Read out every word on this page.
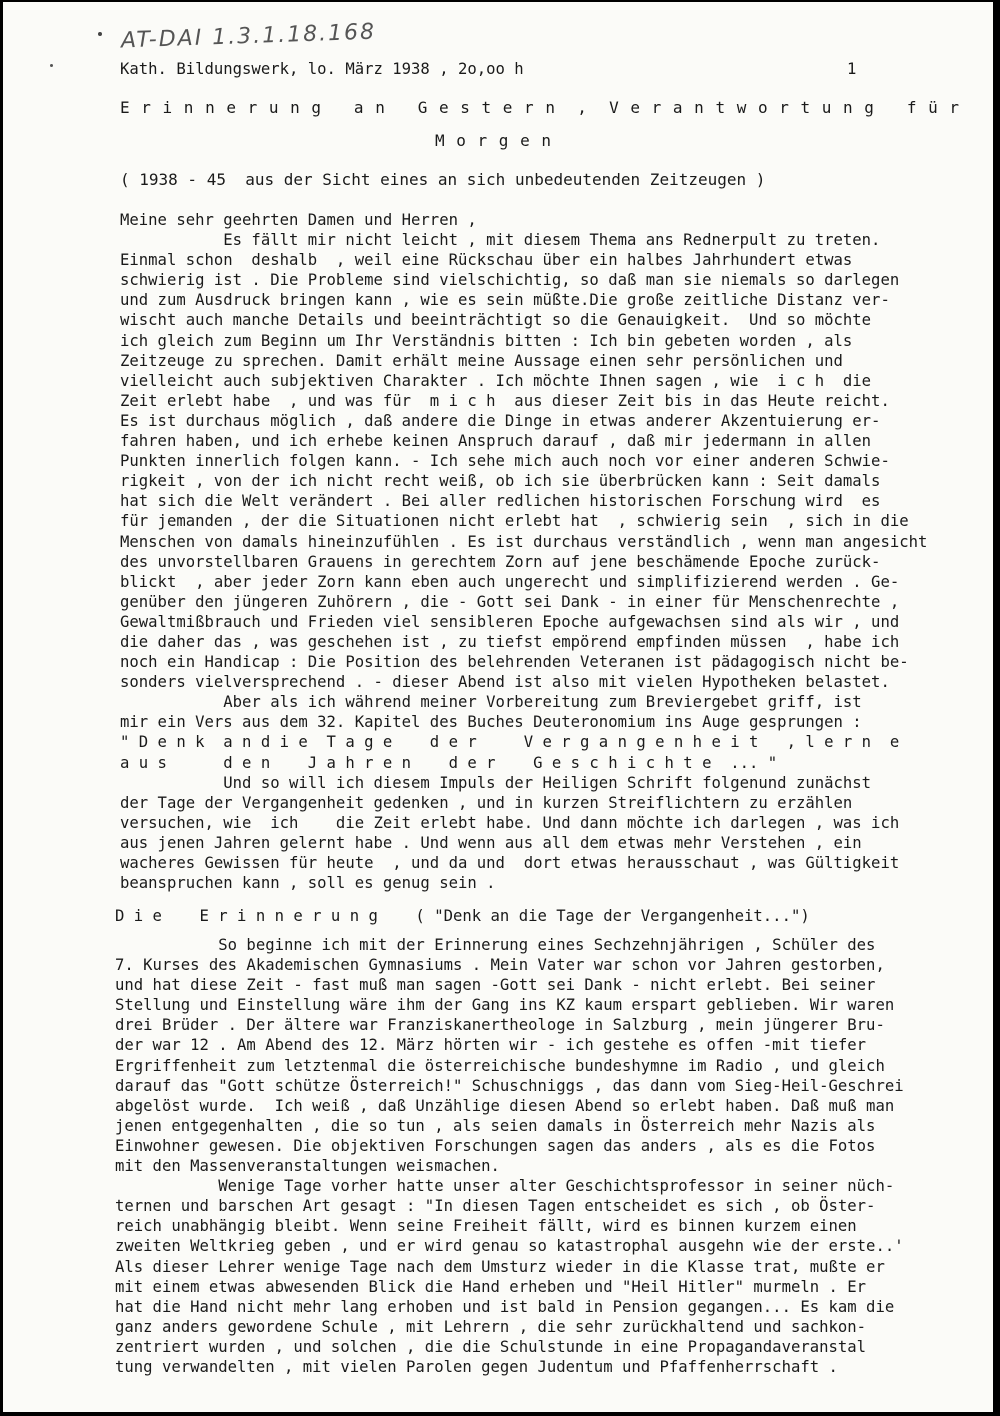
AT-DAI 1.3.1.18.168
Kath. Bildungswerk, lo. März 1938 , 2o,oo h	1
E r i n n e r u n g   a n   G e s t e r n  ,  V e r a n t w o r t u n g   f ü r
M o r g e n
( 1938 - 45  aus der Sicht eines an sich unbedeutenden Zeitzeugen )
Meine sehr geehrten Damen und Herren ,
Es fällt mir nicht leicht , mit diesem Thema ans Rednerpult zu treten.
Einmal schon  deshalb  , weil eine Rückschau über ein halbes Jahrhundert etwas
schwierig ist . Die Probleme sind vielschichtig, so daß man sie niemals so darlegen
und zum Ausdruck bringen kann , wie es sein müßte.Die große zeitliche Distanz ver-
wischt auch manche Details und beeinträchtigt so die Genauigkeit.  Und so möchte
ich gleich zum Beginn um Ihr Verständnis bitten : Ich bin gebeten worden , als
Zeitzeuge zu sprechen. Damit erhält meine Aussage einen sehr persönlichen und
vielleicht auch subjektiven Charakter . Ich möchte Ihnen sagen , wie  i c h  die
Zeit erlebt habe  , und was für  m i c h  aus dieser Zeit bis in das Heute reicht.
Es ist durchaus möglich , daß andere die Dinge in etwas anderer Akzentuierung er-
fahren haben, und ich erhebe keinen Anspruch darauf , daß mir jedermann in allen
Punkten innerlich folgen kann. - Ich sehe mich auch noch vor einer anderen Schwie-
rigkeit , von der ich nicht recht weiß, ob ich sie überbrücken kann : Seit damals
hat sich die Welt verändert . Bei aller redlichen historischen Forschung wird  es
für jemanden , der die Situationen nicht erlebt hat  , schwierig sein  , sich in die
Menschen von damals hineinzufühlen . Es ist durchaus verständlich , wenn man angesicht
des unvorstellbaren Grauens in gerechtem Zorn auf jene beschämende Epoche zurück-
blickt  , aber jeder Zorn kann eben auch ungerecht und simplifizierend werden . Ge-
genüber den jüngeren Zuhörern , die - Gott sei Dank - in einer für Menschenrechte ,
Gewaltmißbrauch und Frieden viel sensibleren Epoche aufgewachsen sind als wir , und
die daher das , was geschehen ist , zu tiefst empörend empfinden müssen  , habe ich
noch ein Handicap : Die Position des belehrenden Veteranen ist pädagogisch nicht be-
sonders vielversprechend . - dieser Abend ist also mit vielen Hypotheken belastet.
Aber als ich während meiner Vorbereitung zum Breviergebet griff, ist
mir ein Vers aus dem 32. Kapitel des Buches Deuteronomium ins Auge gesprungen :
" D e n k  a n d i e  T a g e    d e r     V e r g a n g e n h e i t   , l e r n  e
a u s      d e n    J a h r e n    d e r    G e s c h i c h t e  ... "
Und so will ich diesem Impuls der Heiligen Schrift folgenund zunächst
der Tage der Vergangenheit gedenken , und in kurzen Streiflichtern zu erzählen
versuchen, wie  ich    die Zeit erlebt habe. Und dann möchte ich darlegen , was ich
aus jenen Jahren gelernt habe . Und wenn aus all dem etwas mehr Verstehen , ein
wacheres Gewissen für heute  , und da und  dort etwas herausschaut , was Gültigkeit
beanspruchen kann , soll es genug sein .
D i e    E r i n n e r u n g    ( "Denk an die Tage der Vergangenheit...")
So beginne ich mit der Erinnerung eines Sechzehnjährigen , Schüler des
7. Kurses des Akademischen Gymnasiums . Mein Vater war schon vor Jahren gestorben,
und hat diese Zeit - fast muß man sagen -Gott sei Dank - nicht erlebt. Bei seiner
Stellung und Einstellung wäre ihm der Gang ins KZ kaum erspart geblieben. Wir waren
drei Brüder . Der ältere war Franziskanertheologe in Salzburg , mein jüngerer Bru-
der war 12 . Am Abend des 12. März hörten wir - ich gestehe es offen -mit tiefer
Ergriffenheit zum letztenmal die österreichische bundeshymne im Radio , und gleich
darauf das "Gott schütze Österreich!" Schuschniggs , das dann vom Sieg-Heil-Geschrei
abgelöst wurde.  Ich weiß , daß Unzählige diesen Abend so erlebt haben. Daß muß man
jenen entgegenhalten , die so tun , als seien damals in Österreich mehr Nazis als
Einwohner gewesen. Die objektiven Forschungen sagen das anders , als es die Fotos
mit den Massenveranstaltungen weismachen.
Wenige Tage vorher hatte unser alter Geschichtsprofessor in seiner nüch-
ternen und barschen Art gesagt : "In diesen Tagen entscheidet es sich , ob Öster-
reich unabhängig bleibt. Wenn seine Freiheit fällt, wird es binnen kurzem einen
zweiten Weltkrieg geben , und er wird genau so katastrophal ausgehn wie der erste..'
Als dieser Lehrer wenige Tage nach dem Umsturz wieder in die Klasse trat, mußte er
mit einem etwas abwesenden Blick die Hand erheben und "Heil Hitler" murmeln . Er
hat die Hand nicht mehr lang erhoben und ist bald in Pension gegangen... Es kam die
ganz anders gewordene Schule , mit Lehrern , die sehr zurückhaltend und sachkon-
zentriert wurden , und solchen , die die Schulstunde in eine Propagandaveranstal
tung verwandelten , mit vielen Parolen gegen Judentum und Pfaffenherrschaft .
